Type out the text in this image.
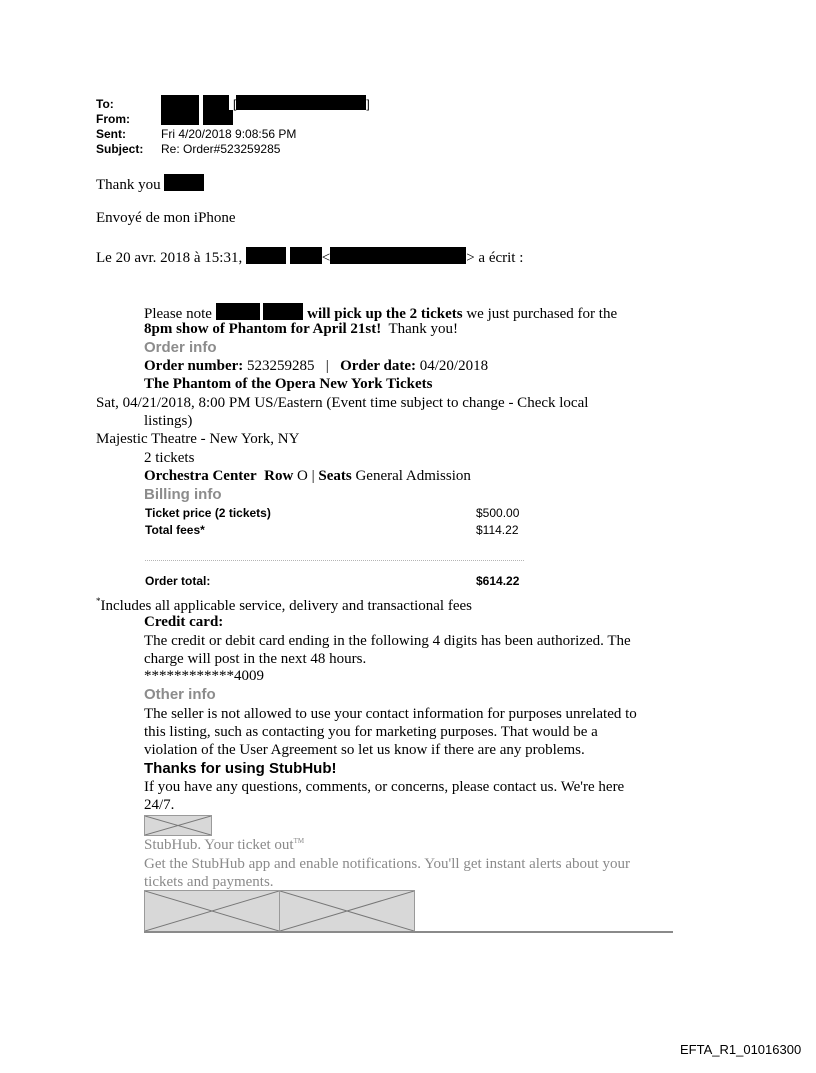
To:	[	]
From:

Sent:	Fri 4/20/2018 9:08:56 PM
Subject: Re: Order#523259285
Thank you
Envoyé de mon iPhone
Le 20 avr. 2018 à 15:31,	<	> a écrit :
Please note	will pick up the 2 tickets we just purchased for the
8pm show of Phantom for April 21st! Thank you!
Order info
Order number: 523259285 | Order date: 04/20/2018
The Phantom of the Opera New York Tickets
Sat, 04/21/2018, 8:00 PM US/Eastern (Event time subject to change - Check local
listings)
Majestic Theatre - New York, NY
2 tickets
Orchestra Center Row O | Seats General Admission
Billing info
Ticket price (2 tickets)	$500.00
Total fees*	$114.22
Order total:	$614.22
*Includes all applicable service, delivery and transactional fees
Credit card:
The credit or debit card ending in the following 4 digits has been authorized. The
charge will post in the next 48 hours.
************4009
Other info
The seller is not allowed to use your contact information for purposes unrelated to
this listing, such as contacting you for marketing purposes. That would be a
violation of the User Agreement so let us know if there are any problems.
Thanks for using StubHub!
If you have any questions, comments, or concerns, please contact us. We're here
24/7.
StubHub. Your ticket out™
Get the StubHub app and enable notifications. You'll get instant alerts about your
tickets and payments.
EFTA_R1_01016300
